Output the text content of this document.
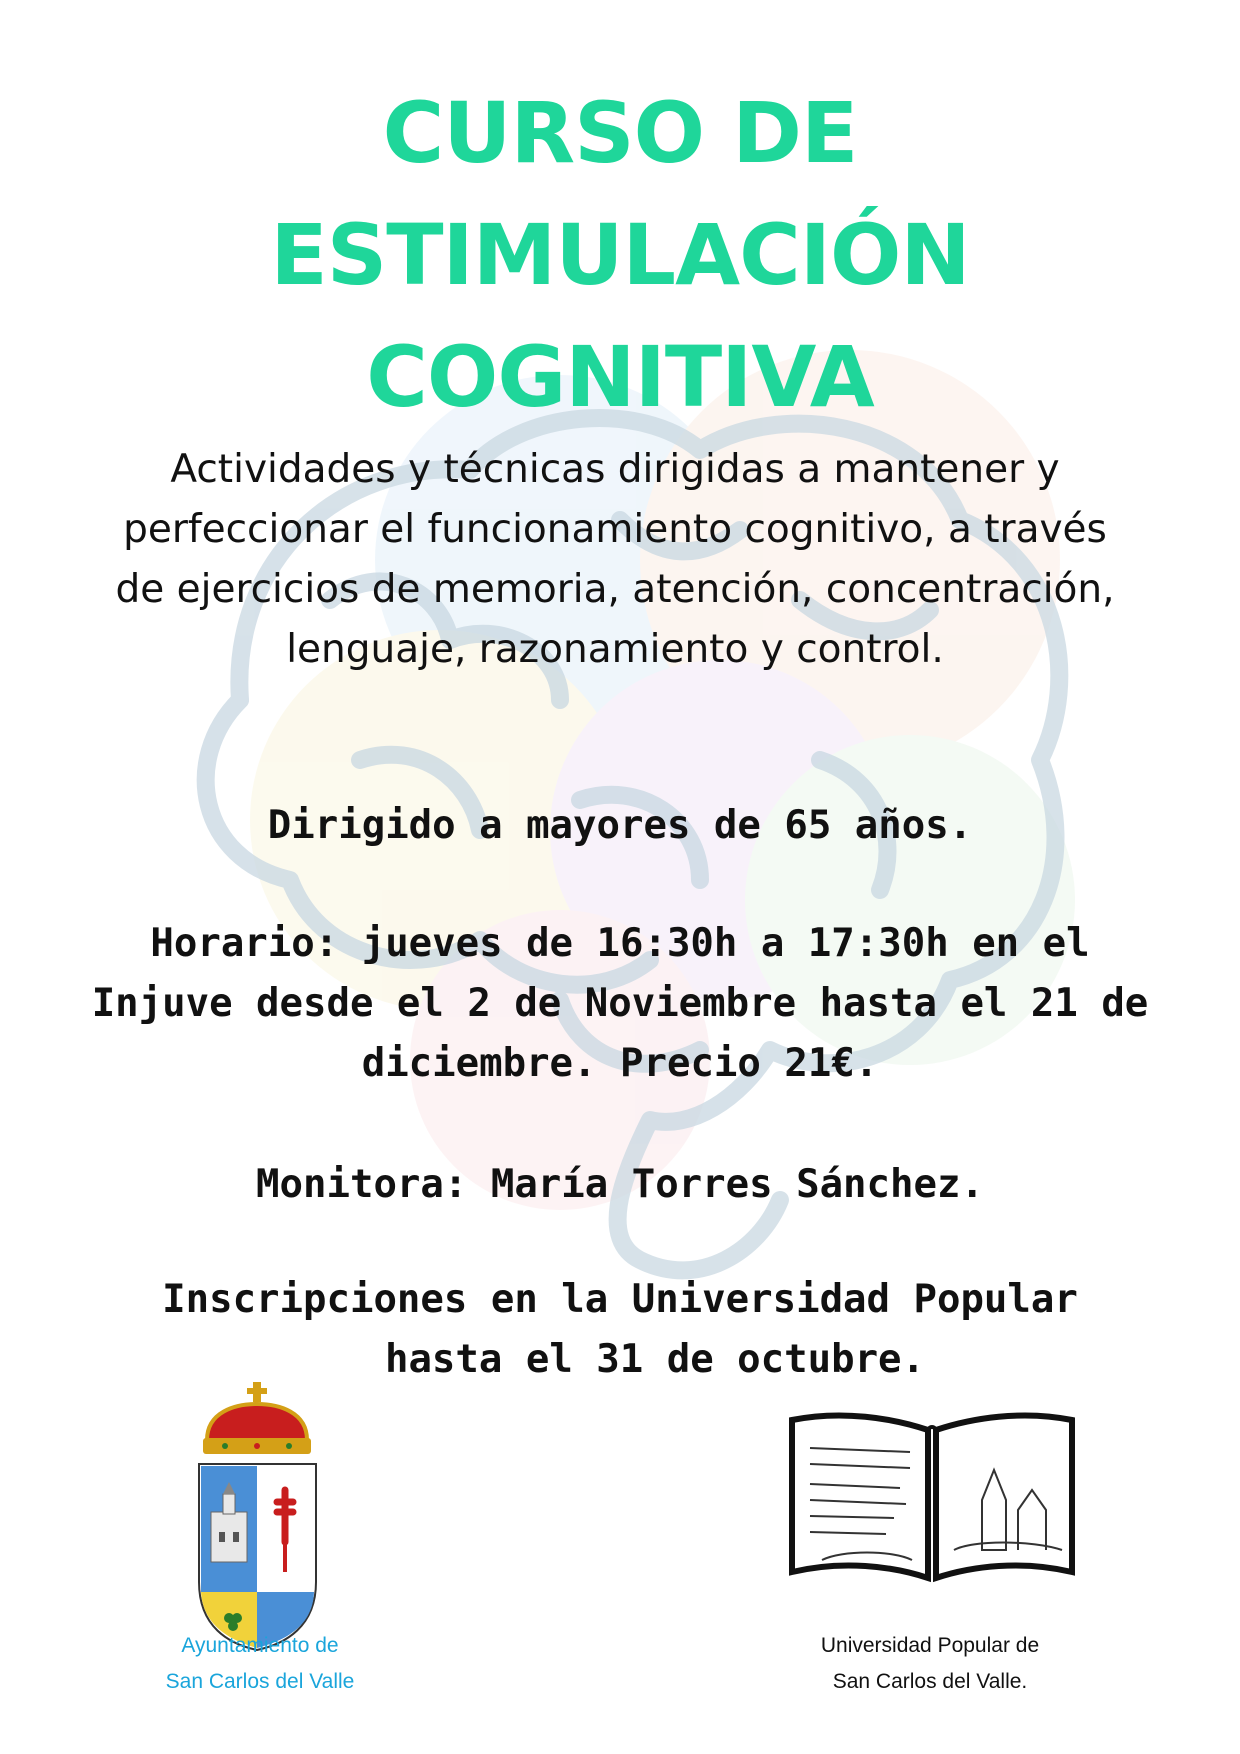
CURSO DE
ESTIMULACIÓN
COGNITIVA
Actividades y técnicas dirigidas a mantener y perfeccionar el funcionamiento cognitivo, a través de ejercicios de memoria, atención, concentración, lenguaje, razonamiento y control.
Dirigido a mayores de 65 años.
Horario: jueves de 16:30h a 17:30h en el Injuve desde el 2 de Noviembre hasta el 21 de diciembre. Precio 21€.
Monitora: María Torres Sánchez.
Inscripciones en la Universidad Popular
hasta el 31 de octubre.
Ayuntamiento de
San Carlos del Valle
Universidad Popular de
San Carlos del Valle.
